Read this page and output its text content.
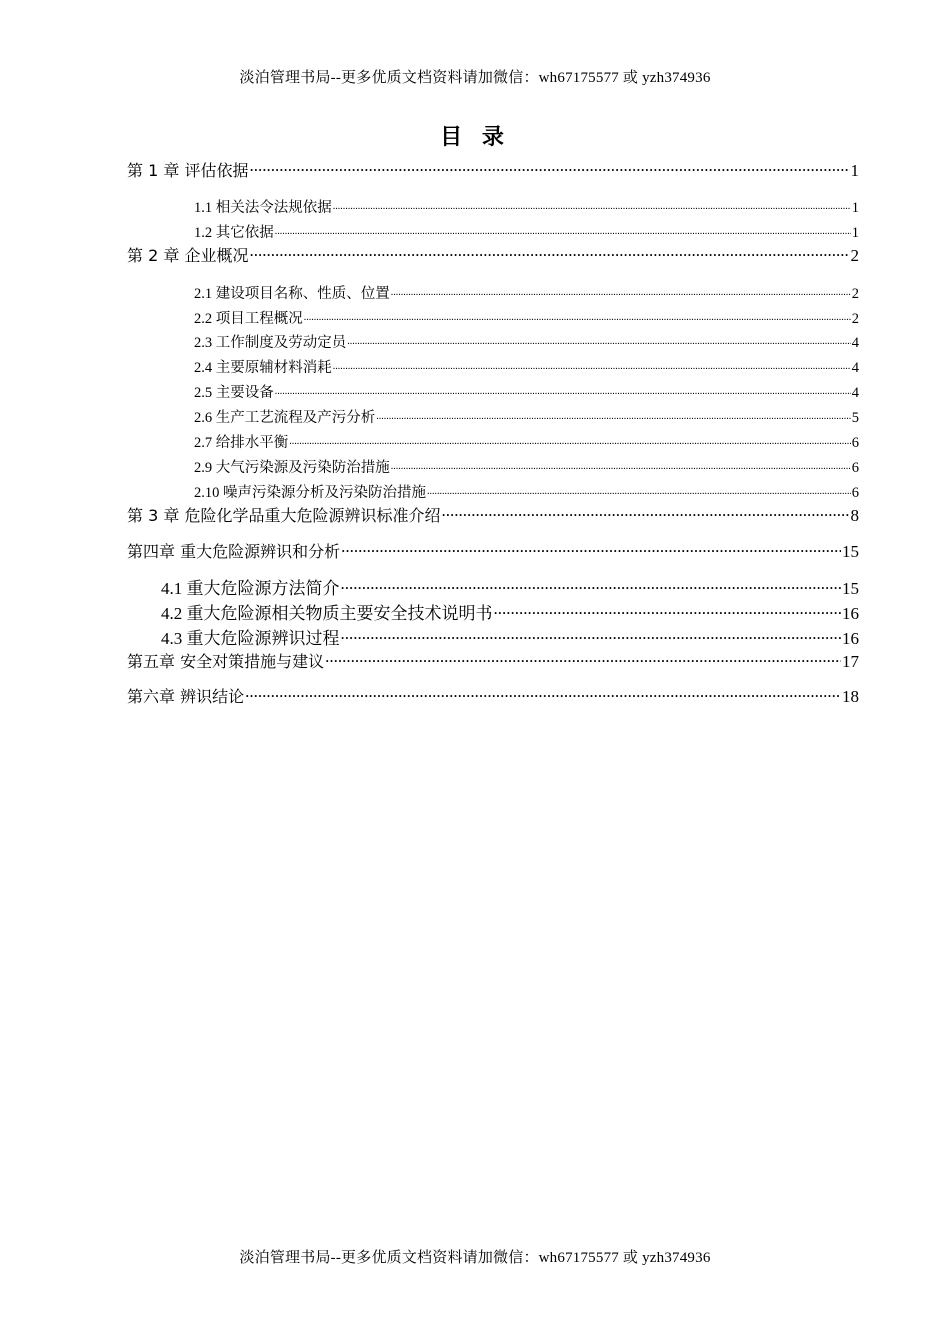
淡泊管理书局--更多优质文档资料请加微信：wh67175577 或 yzh374936
目 录
第 1 章 评估依据 .....	1
1.1 相关法令法规依据 .....	1
1.2 其它依据 .....	1
第 2 章 企业概况 .....	2
2.1 建设项目名称、性质、位置 .....	2
2.2 项目工程概况 .....	2
2.3 工作制度及劳动定员 .....	4
2.4 主要原辅材料消耗 .....	4
2.5 主要设备 .....	4
2.6 生产工艺流程及产污分析 .....	5
2.7 给排水平衡 .....	6
2.9 大气污染源及污染防治措施 .....	6
2.10 噪声污染源分析及污染防治措施 .....	6
第 3 章 危险化学品重大危险源辨识标准介绍 .....	8
第四章 重大危险源辨识和分析 .....	15
4.1 重大危险源方法简介 .....	15
4.2 重大危险源相关物质主要安全技术说明书 .....	16
4.3 重大危险源辨识过程 .....	16
第五章 安全对策措施与建议 .....	17
第六章 辨识结论 .....	18
淡泊管理书局--更多优质文档资料请加微信：wh67175577 或 yzh374936
